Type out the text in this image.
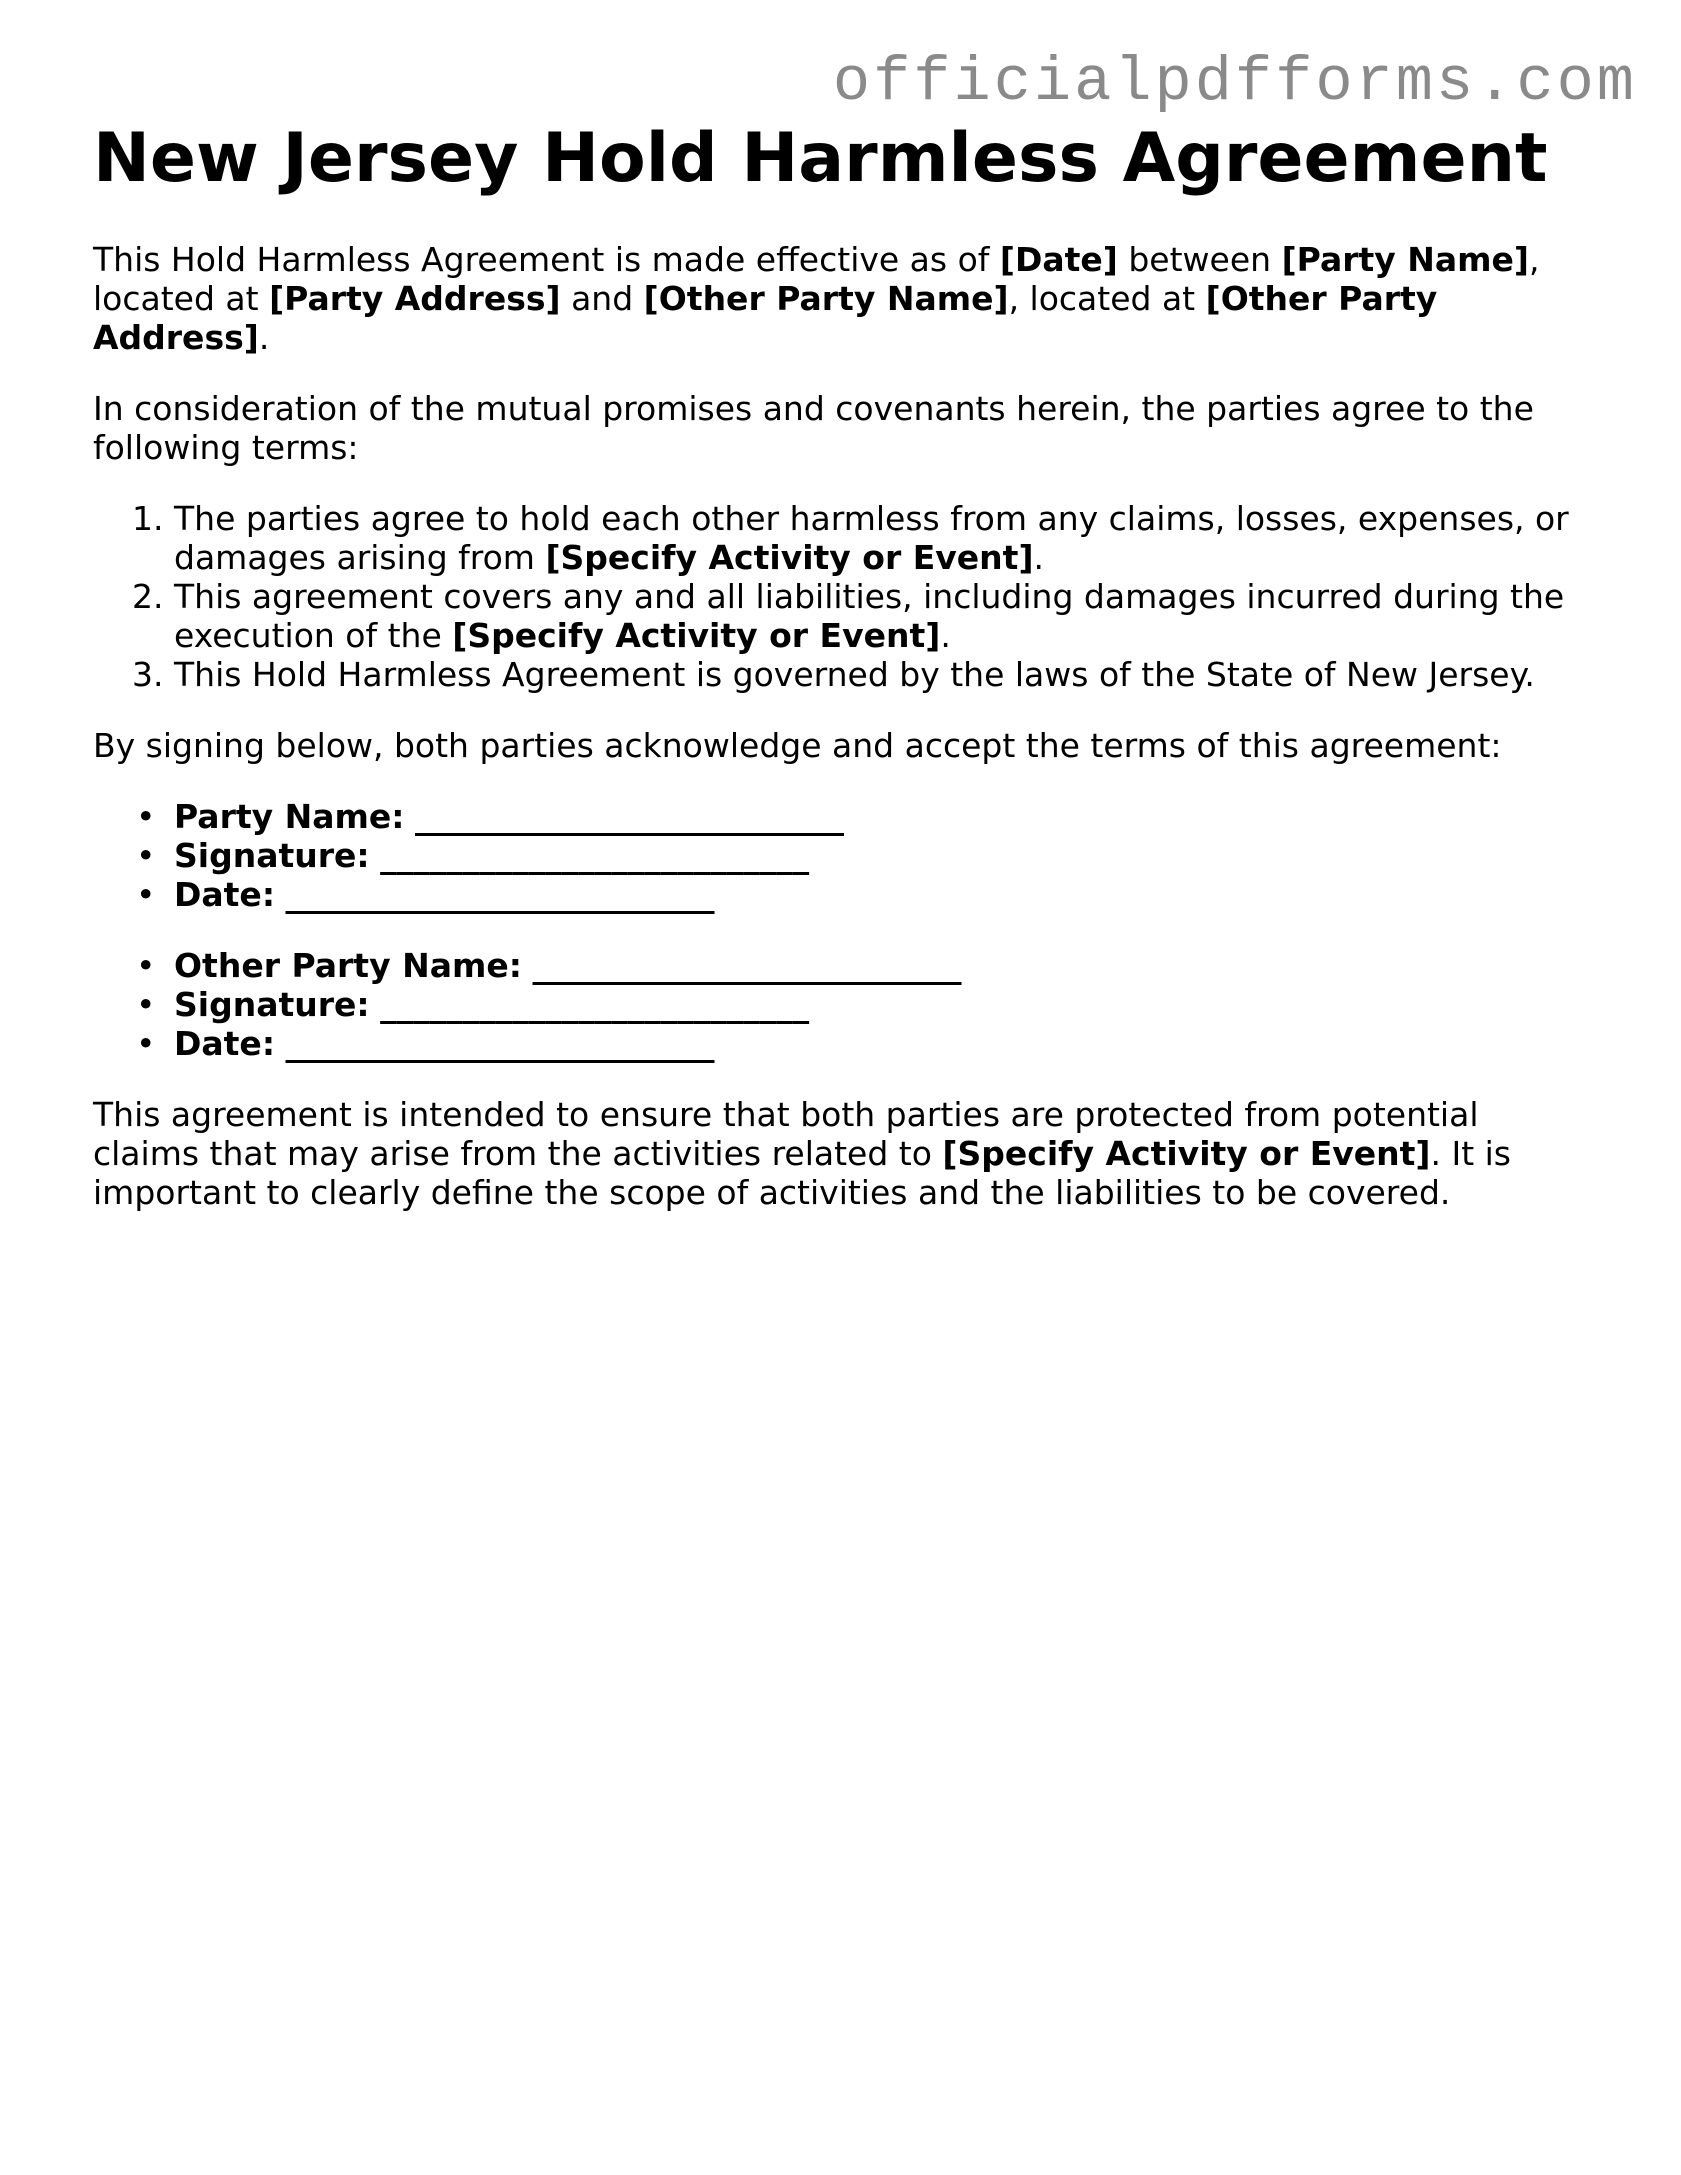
officialpdfforms.com
New Jersey Hold Harmless Agreement

This Hold Harmless Agreement is made effective as of [Date] between [Party Name], located at [Party Address] and [Other Party Name], located at [Other Party Address].

In consideration of the mutual promises and covenants herein, the parties agree to the following terms:

1. The parties agree to hold each other harmless from any claims, losses, expenses, or damages arising from [Specify Activity or Event].
2. This agreement covers any and all liabilities, including damages incurred during the execution of the [Specify Activity or Event].
3. This Hold Harmless Agreement is governed by the laws of the State of New Jersey.

By signing below, both parties acknowledge and accept the terms of this agreement:

• Party Name: __________________________
• Signature: __________________________
• Date: __________________________
• Other Party Name: __________________________
• Signature: __________________________
• Date: __________________________

This agreement is intended to ensure that both parties are protected from potential claims that may arise from the activities related to [Specify Activity or Event]. It is important to clearly define the scope of activities and the liabilities to be covered.
